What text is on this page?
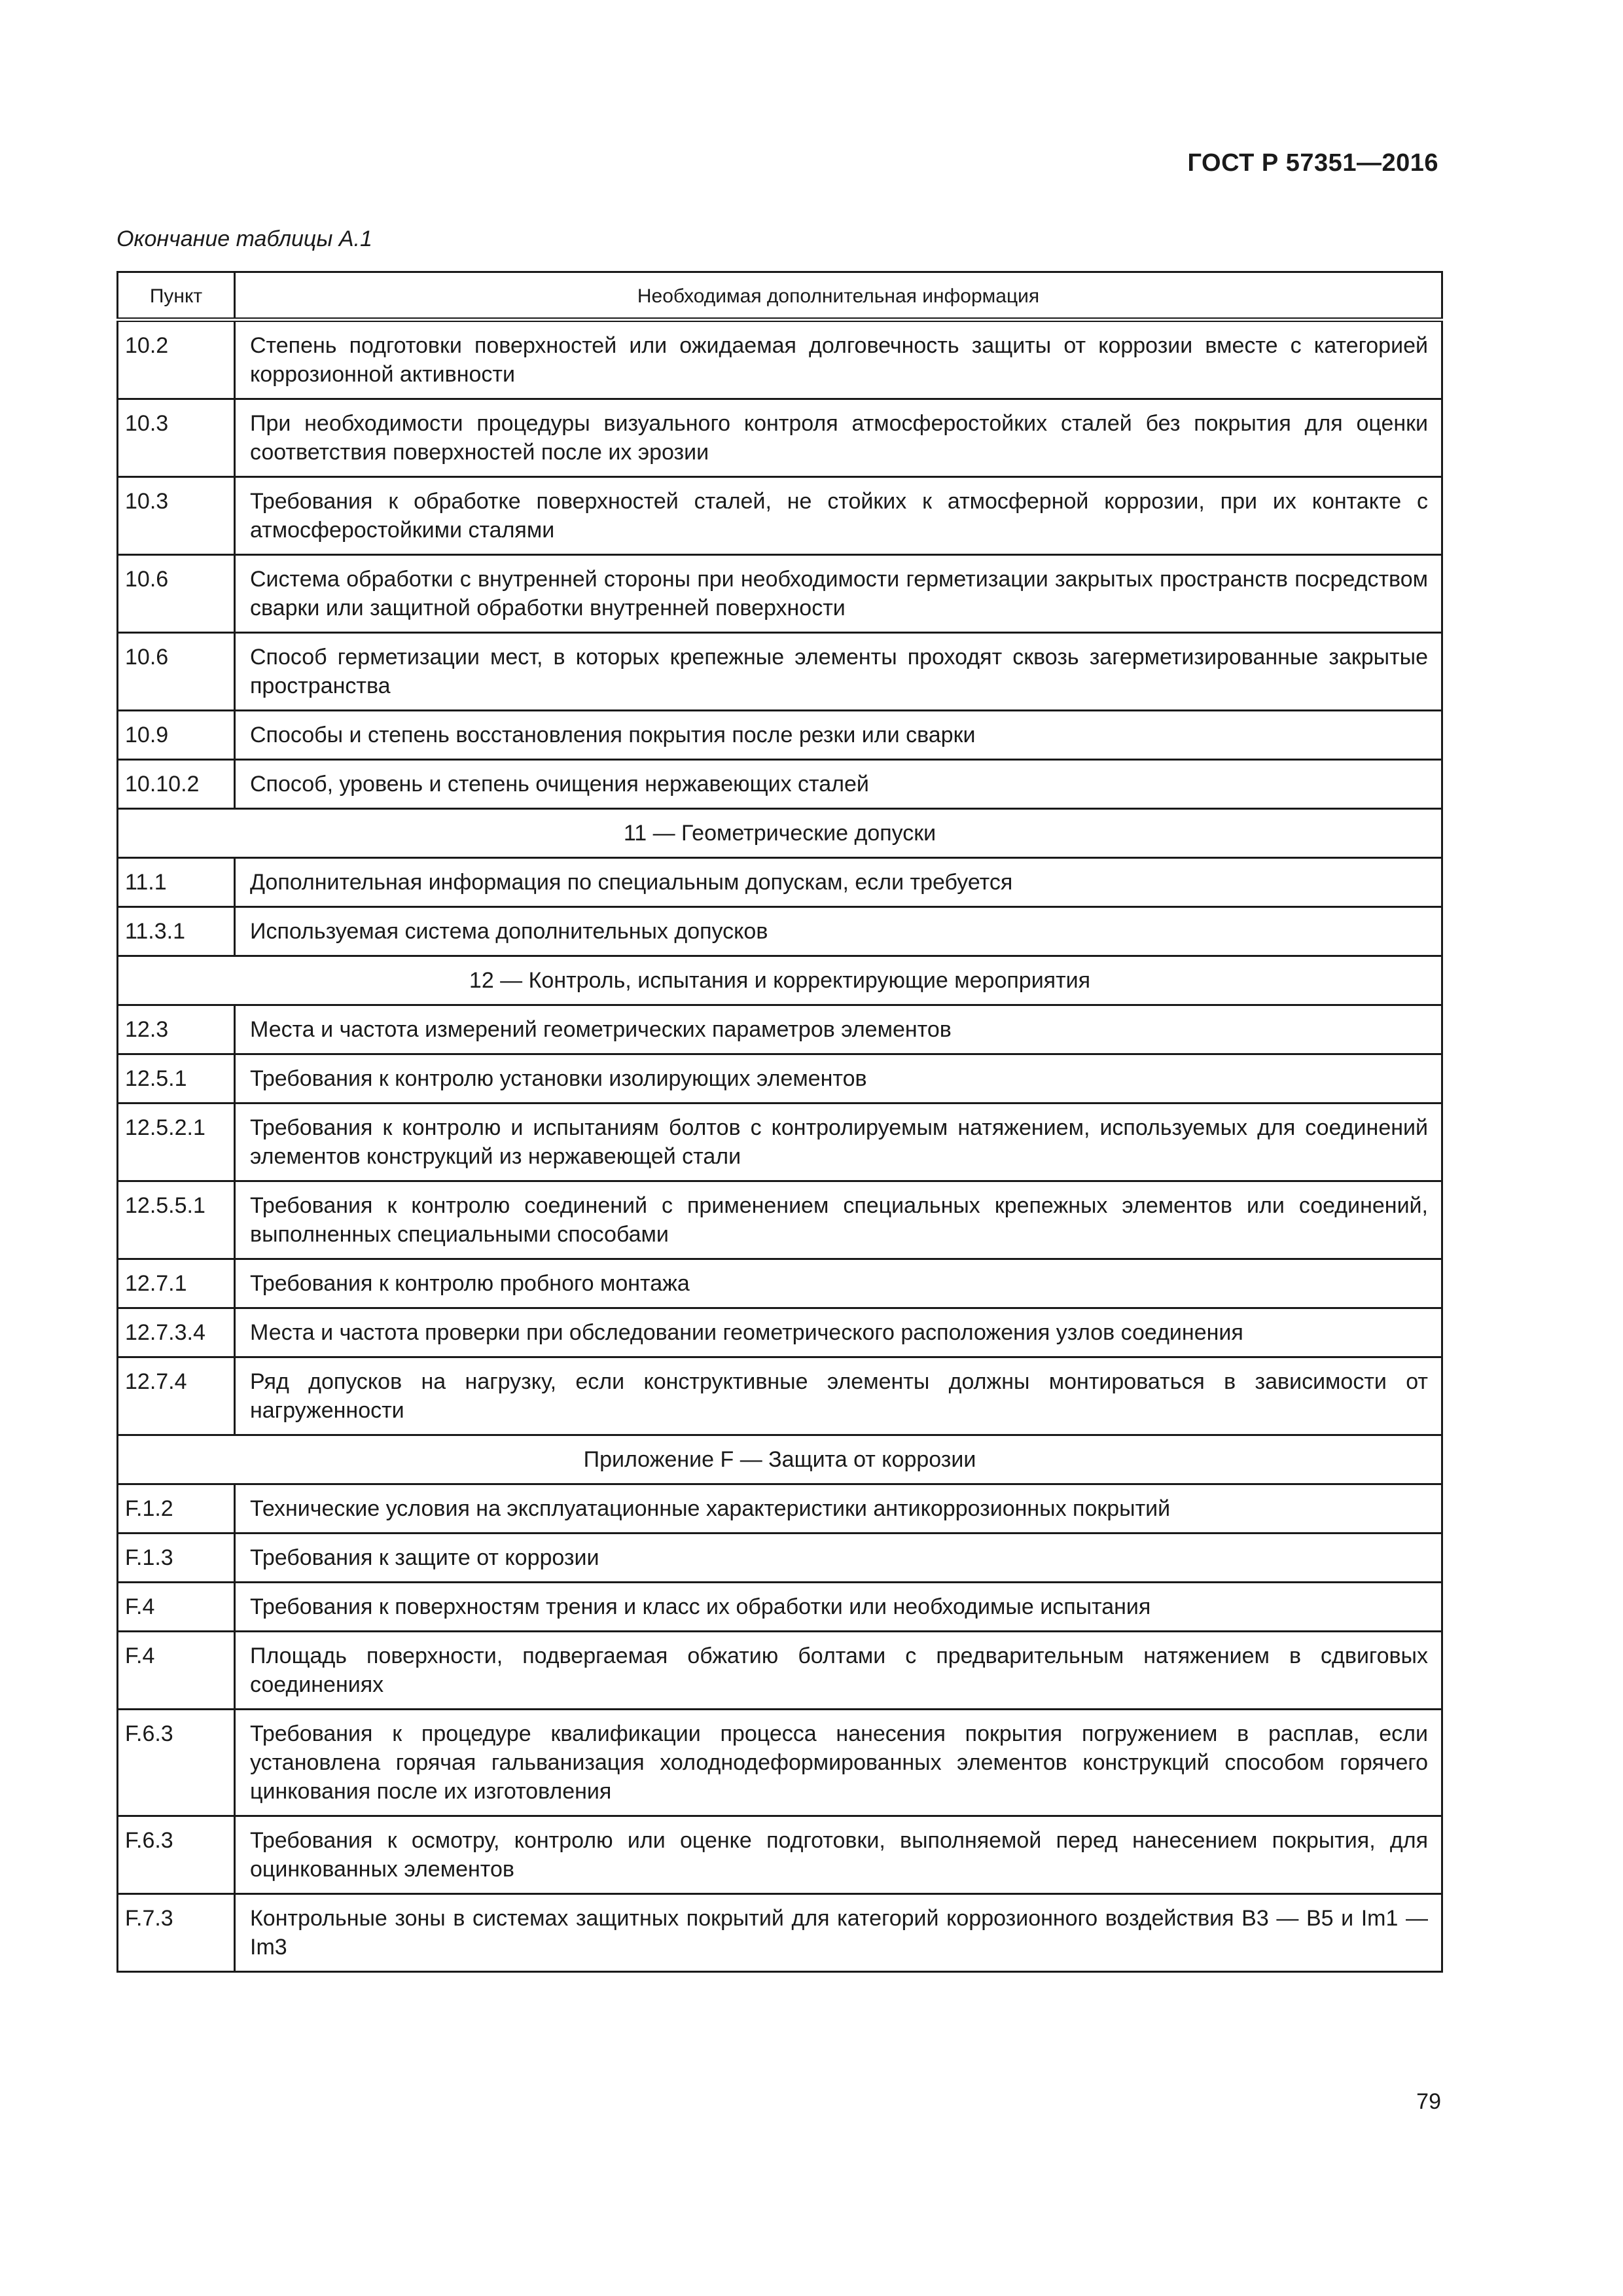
ГОСТ Р 57351—2016
Окончание таблицы А.1
Пункт	Необходимая дополнительная информация
10.2	Степень подготовки поверхностей или ожидаемая долговечность защиты от коррозии вместе с категорией коррозионной активности
10.3	При необходимости процедуры визуального контроля атмосферостойких сталей без покрытия для оценки соответствия поверхностей после их эрозии
10.3	Требования к обработке поверхностей сталей, не стойких к атмосферной коррозии, при их контакте с атмосферостойкими сталями
10.6	Система обработки с внутренней стороны при необходимости герметизации закрытых пространств посредством сварки или защитной обработки внутренней поверхности
10.6	Способ герметизации мест, в которых крепежные элементы проходят сквозь загерметизированные закрытые пространства
10.9	Способы и степень восстановления покрытия после резки или сварки
10.10.2	Способ, уровень и степень очищения нержавеющих сталей
11 — Геометрические допуски	
11.1	Дополнительная информация по специальным допускам, если требуется
11.3.1	Используемая система дополнительных допусков
12 — Контроль, испытания и корректирующие мероприятия	
12.3	Места и частота измерений геометрических параметров элементов
12.5.1	Требования к контролю установки изолирующих элементов
12.5.2.1	Требования к контролю и испытаниям болтов с контролируемым натяжением, используемых для соединений элементов конструкций из нержавеющей стали
12.5.5.1	Требования к контролю соединений с применением специальных крепежных элементов или соединений, выполненных специальными способами
12.7.1	Требования к контролю пробного монтажа
12.7.3.4	Места и частота проверки при обследовании геометрического расположения узлов соединения
12.7.4	Ряд допусков на нагрузку, если конструктивные элементы должны монтироваться в зависимости от нагруженности
Приложение F — Защита от коррозии	
F.1.2	Технические условия на эксплуатационные характеристики антикоррозионных покрытий
F.1.3	Требования к защите от коррозии
F.4	Требования к поверхностям трения и класс их обработки или необходимые испытания
F.4	Площадь поверхности, подвергаемая обжатию болтами с предварительным натяжением в сдвиговых соединениях
F.6.3	Требования к процедуре квалификации процесса нанесения покрытия погружением в расплав, если установлена горячая гальванизация холоднодеформированных элементов конструкций способом горячего цинкования после их изготовления
F.6.3	Требования к осмотру, контролю или оценке подготовки, выполняемой перед нанесением покрытия, для оцинкованных элементов
F.7.3	Контрольные зоны в системах защитных покрытий для категорий коррозионного воздействия В3 — В5 и Im1 — Im3
79
